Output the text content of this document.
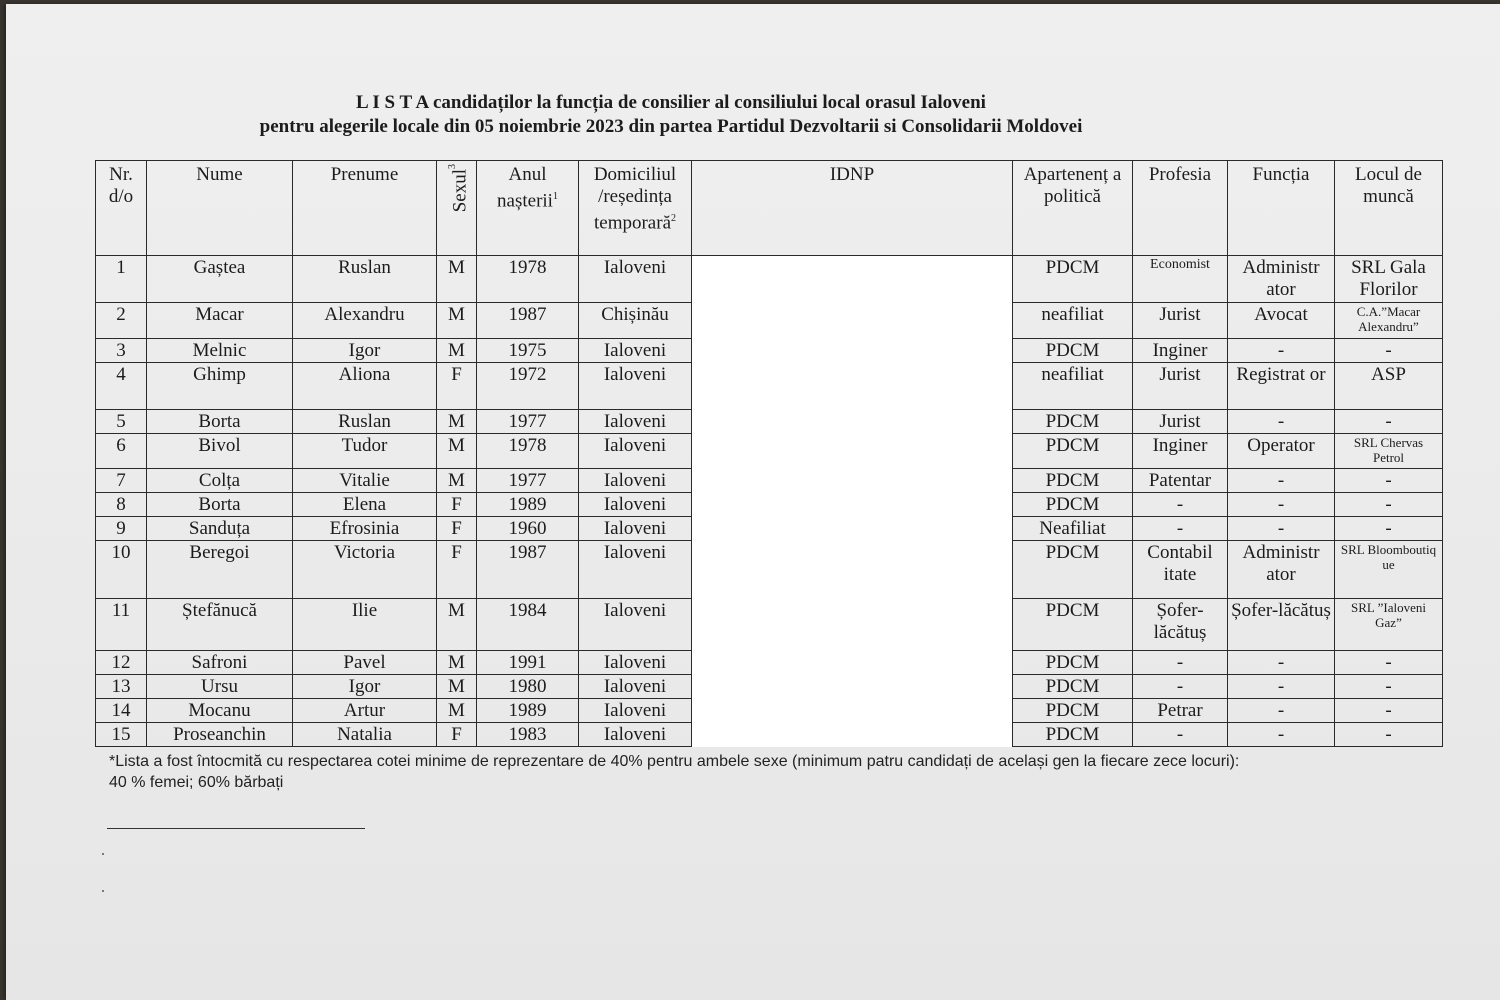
L I S T A candidaților la funcția de consilier al consiliului local orasul Ialoveni
pentru alegerile locale din 05 noiembrie 2023 din partea Partidul Dezvoltarii si Consolidarii Moldovei
Nr. d/o	Nume	Prenume	Sexul$^3$	Anul nașterii$^1$	Domiciliul /reședința temporară$^2$	IDNP	Apartenenț a politică	Profesia	Funcția	Locul de muncă
1	Gaștea	Ruslan	M	1978	Ialoveni		PDCM	Economist	Administr ator	SRL Gala Florilor
2	Macar	Alexandru	M	1987	Chișinău		neafiliat	Jurist	Avocat	C.A.”Macar Alexandru”
3	Melnic	Igor	M	1975	Ialoveni		PDCM	Inginer	-	-
4	Ghimp	Aliona	F	1972	Ialoveni		neafiliat	Jurist	Registrat or	ASP
5	Borta	Ruslan	M	1977	Ialoveni		PDCM	Jurist	-	-
6	Bivol	Tudor	M	1978	Ialoveni		PDCM	Inginer	Operator	SRL Chervas Petrol
7	Colța	Vitalie	M	1977	Ialoveni		PDCM	Patentar	-	-
8	Borta	Elena	F	1989	Ialoveni		PDCM	-	-	-
9	Sanduța	Efrosinia	F	1960	Ialoveni		Neafiliat	-	-	-
10	Beregoi	Victoria	F	1987	Ialoveni		PDCM	Contabil itate	Administr ator	SRL Bloomboutiq ue
11	Ștefănucă	Ilie	M	1984	Ialoveni		PDCM	Șofer-lăcătuș	Șofer-lăcătuș	SRL ”Ialoveni Gaz”
12	Safroni	Pavel	M	1991	Ialoveni		PDCM	-	-	-
13	Ursu	Igor	M	1980	Ialoveni		PDCM	-	-	-
14	Mocanu	Artur	M	1989	Ialoveni		PDCM	Petrar	-	-
15	Proseanchin	Natalia	F	1983	Ialoveni		PDCM	-	-	-
*Lista a fost întocmită cu respectarea cotei minime de reprezentare de 40% pentru ambele sexe (minimum patru candidați de același gen la fiecare zece locuri):
40 % femei; 60% bărbați
